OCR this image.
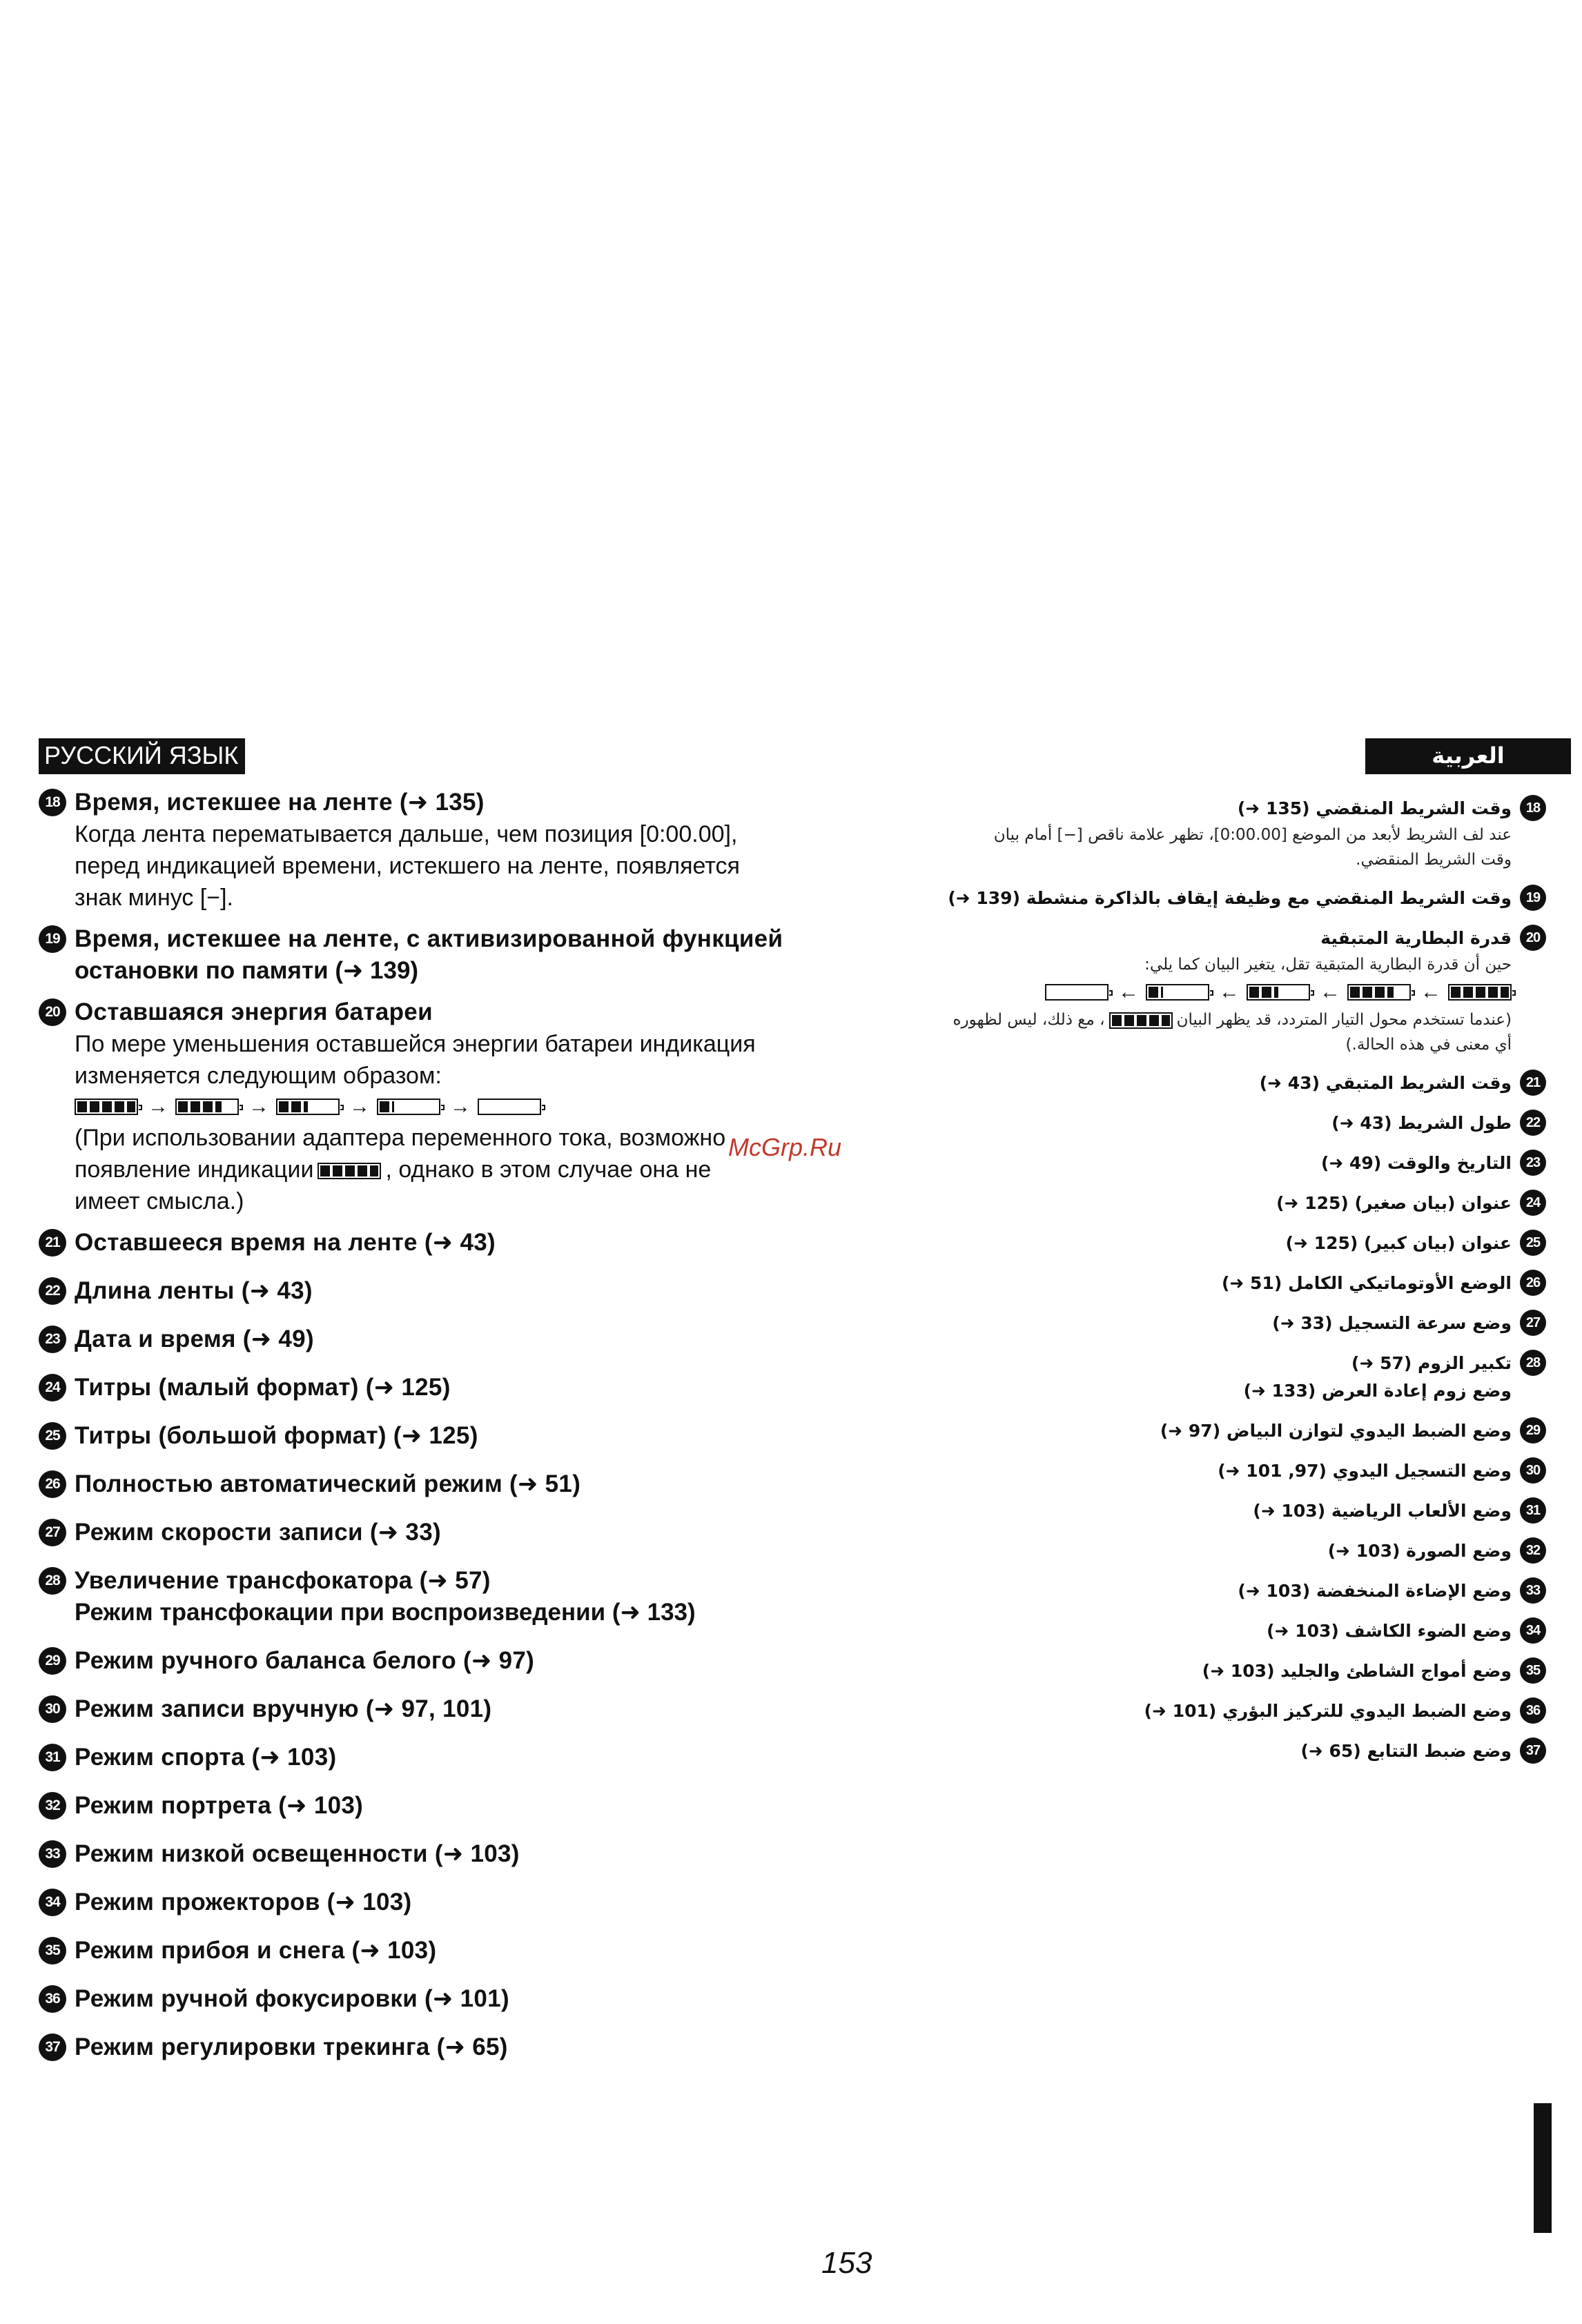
РУССКИЙ ЯЗЫК
18 Время, истекшее на ленте (➜ 135)
Когда лента перематывается дальше, чем позиция [0:00.00],
перед индикацией времени, истекшего на ленте, появляется
знак минус [−].
19 Время, истекшее на ленте, с активизированной функцией
остановки по памяти (➜ 139)
20 Оставшаяся энергия батареи
По мере уменьшения оставшейся энергии батареи индикация
изменяется следующим образом:
→	→	→	→
(При использовании адаптера переменного тока, возможно
появление индикации	, однако в этом случае она не
имеет смысла.)
21 Оставшееся время на ленте (➜ 43)
22 Длина ленты (➜ 43)
23 Дата и время (➜ 49)
24 Титры (малый формат) (➜ 125)
25 Титры (большой формат) (➜ 125)
26 Полностью автоматический режим (➜ 51)
27 Режим скорости записи (➜ 33)
28 Увеличение трансфокатора (➜ 57)
Режим трансфокации при воспроизведении (➜ 133)
29 Режим ручного баланса белого (➜ 97)
30 Режим записи вручную (➜ 97, 101)
31 Режим спорта (➜ 103)
32 Режим портрета (➜ 103)
33 Режим низкой освещенности (➜ 103)
34 Режим прожекторов (➜ 103)
35 Режим прибоя и снега (➜ 103)
36 Режим ручной фокусировки (➜ 101)
37 Режим регулировки трекинга (➜ 65)
العربية
18
وقت الشريط المنقضي (135 ➜)
عند لف الشريط لأبعد من الموضع [0:00.00]، تظهر علامة ناقص [−] أمام بيان
وقت الشريط المنقضي.
19
وقت الشريط المنقضي مع وظيفة إيقاف بالذاكرة منشطة (139 ➜)
20
قدرة البطارية المتبقية
حين أن قدرة البطارية المتبقية تقل، يتغير البيان كما يلي:
←
←
←
←
(عندما تستخدم محول التيار المتردد، قد يظهر البيان
، مع ذلك، ليس لظهوره
أي معنى في هذه الحالة.)
21
وقت الشريط المتبقي (43 ➜)
22
طول الشريط (43 ➜)
23
التاريخ والوقت (49 ➜)
24
عنوان (بيان صغير) (125 ➜)
25
عنوان (بيان كبير) (125 ➜)
26
الوضع الأوتوماتيكي الكامل (51 ➜)
27
وضع سرعة التسجيل (33 ➜)
28
تكبير الزوم (57 ➜)
وضع زوم إعادة العرض (133 ➜)
29
وضع الضبط اليدوي لتوازن البياض (97 ➜)
30
وضع التسجيل اليدوي (97, 101 ➜)
31
وضع الألعاب الرياضية (103 ➜)
32
وضع الصورة (103 ➜)
33
وضع الإضاءة المنخفضة (103 ➜)
34
وضع الضوء الكاشف (103 ➜)
35
وضع أمواج الشاطئ والجليد (103 ➜)
36
وضع الضبط اليدوي للتركيز البؤري (101 ➜)
37
وضع ضبط التتابع (65 ➜)
McGrp.Ru
153
